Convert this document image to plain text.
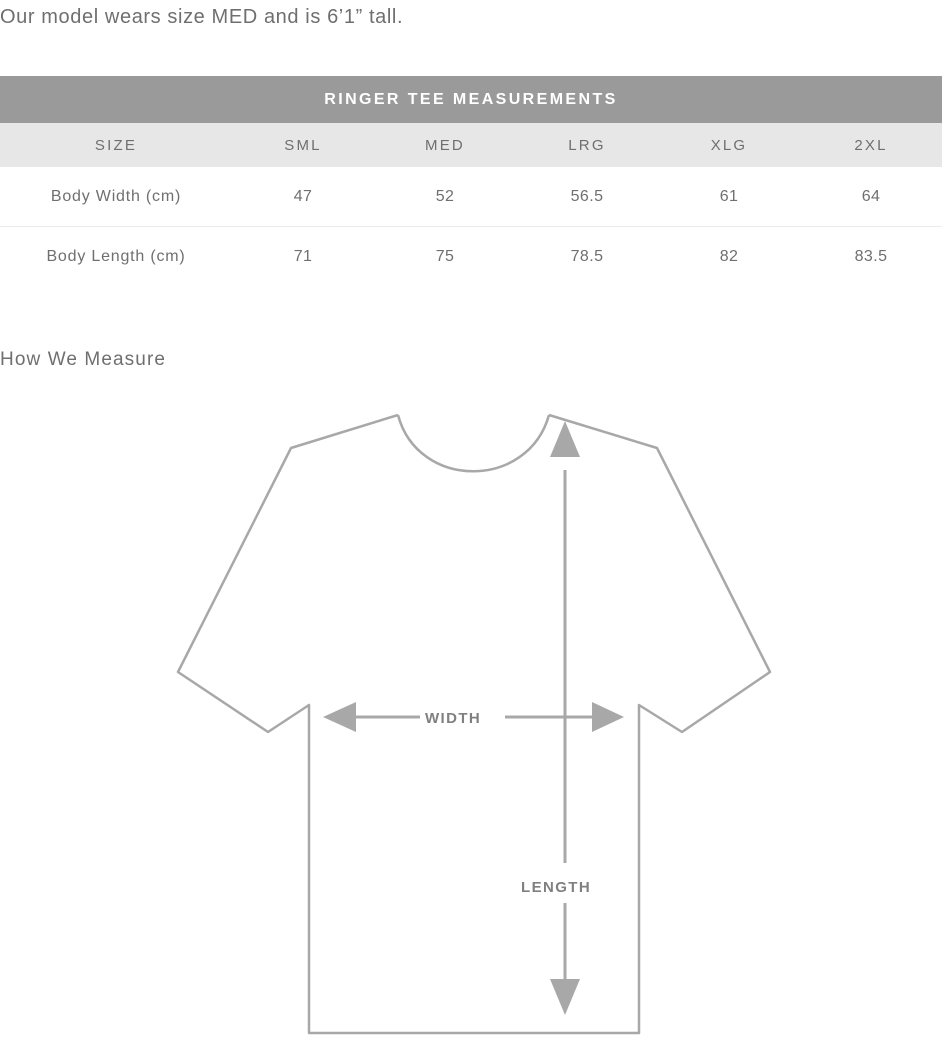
Our model wears size MED and is 6’1” tall.
RINGER TEE MEASUREMENTS
SIZE	SML	MED	LRG	XLG	2XL
Body Width (cm)	47	52	56.5	61	64
Body Length (cm)	71	75	78.5	82	83.5
How We Measure
WIDTH
LENGTH
